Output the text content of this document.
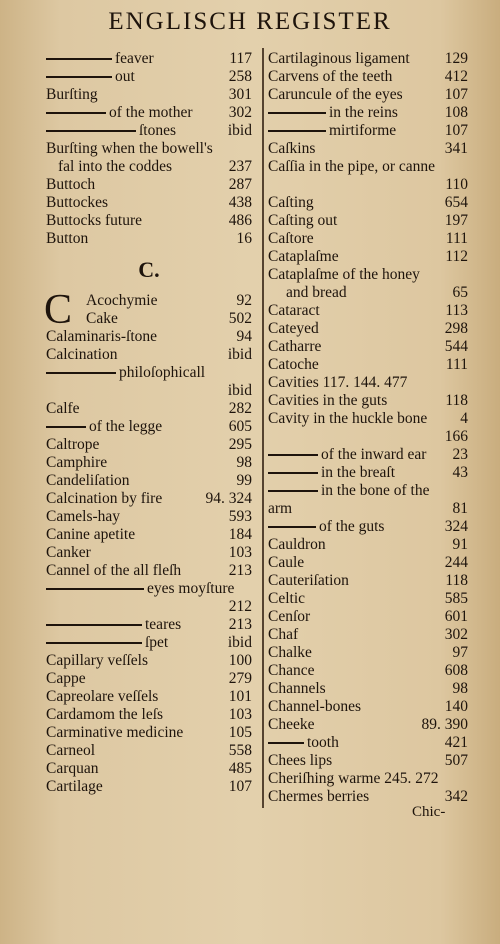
ENGLISCH REGISTER
feaver	117
out	258
Burſting	301
of the mother 302
ſtones	ibid
Burſting when the bowell's
fal into the coddes	237
Buttoch	287
Buttockes	438
Buttocks future	486
Button	16
C.
C Acochymie	92
Cake	502
Calaminaris-ſtone	94
Calcination	ibid
philoſophicall
ibid
Calfe	282
of the legge	605
Caltrope	295
Camphire	98
Candeliſation	99
Calcination by fire	94. 324
Camels-hay	593
Canine apetite	184
Canker	103
Cannel of the all fleſh	213
eyes moyſture
212
teares	213
ſpet	ibid
Capillary veſſels	100
Cappe	279
Capreolare veſſels	101
Cardamom the leſs	103
Carminative medicine	105
Carneol	558
Carquan	485
Cartilage	107
Cartilaginous ligament 129
Carvens of the teeth	412
Caruncule of the eyes	107
in the reins	108
mirtiforme	107
Caſkins	341
Caſſia in the pipe, or canne
110
Caſting	654
Caſting out	197
Caſtore	111
Cataplaſme	112
Cataplaſme of the honey
and bread	65
Cataract	113
Cateyed	298
Catharre	544
Catoche	111
Cavities 117. 144. 477
Cavities in the guts	118
Cavity in the huckle bone 4
166
of the inward ear 23
in the breaſt	43
in the bone of the
arm	81
of the guts	324
Cauldron	91
Caule	244
Cauteriſation	118
Celtic	585
Cenſor	601
Chaf	302
Chalke	97
Chance	608
Channels	98
Channel-bones	140
Cheeke	89. 390
tooth	421
Chees lips	507
Cheriſhing warme 245. 272
Chermes berries	342
Chic-
